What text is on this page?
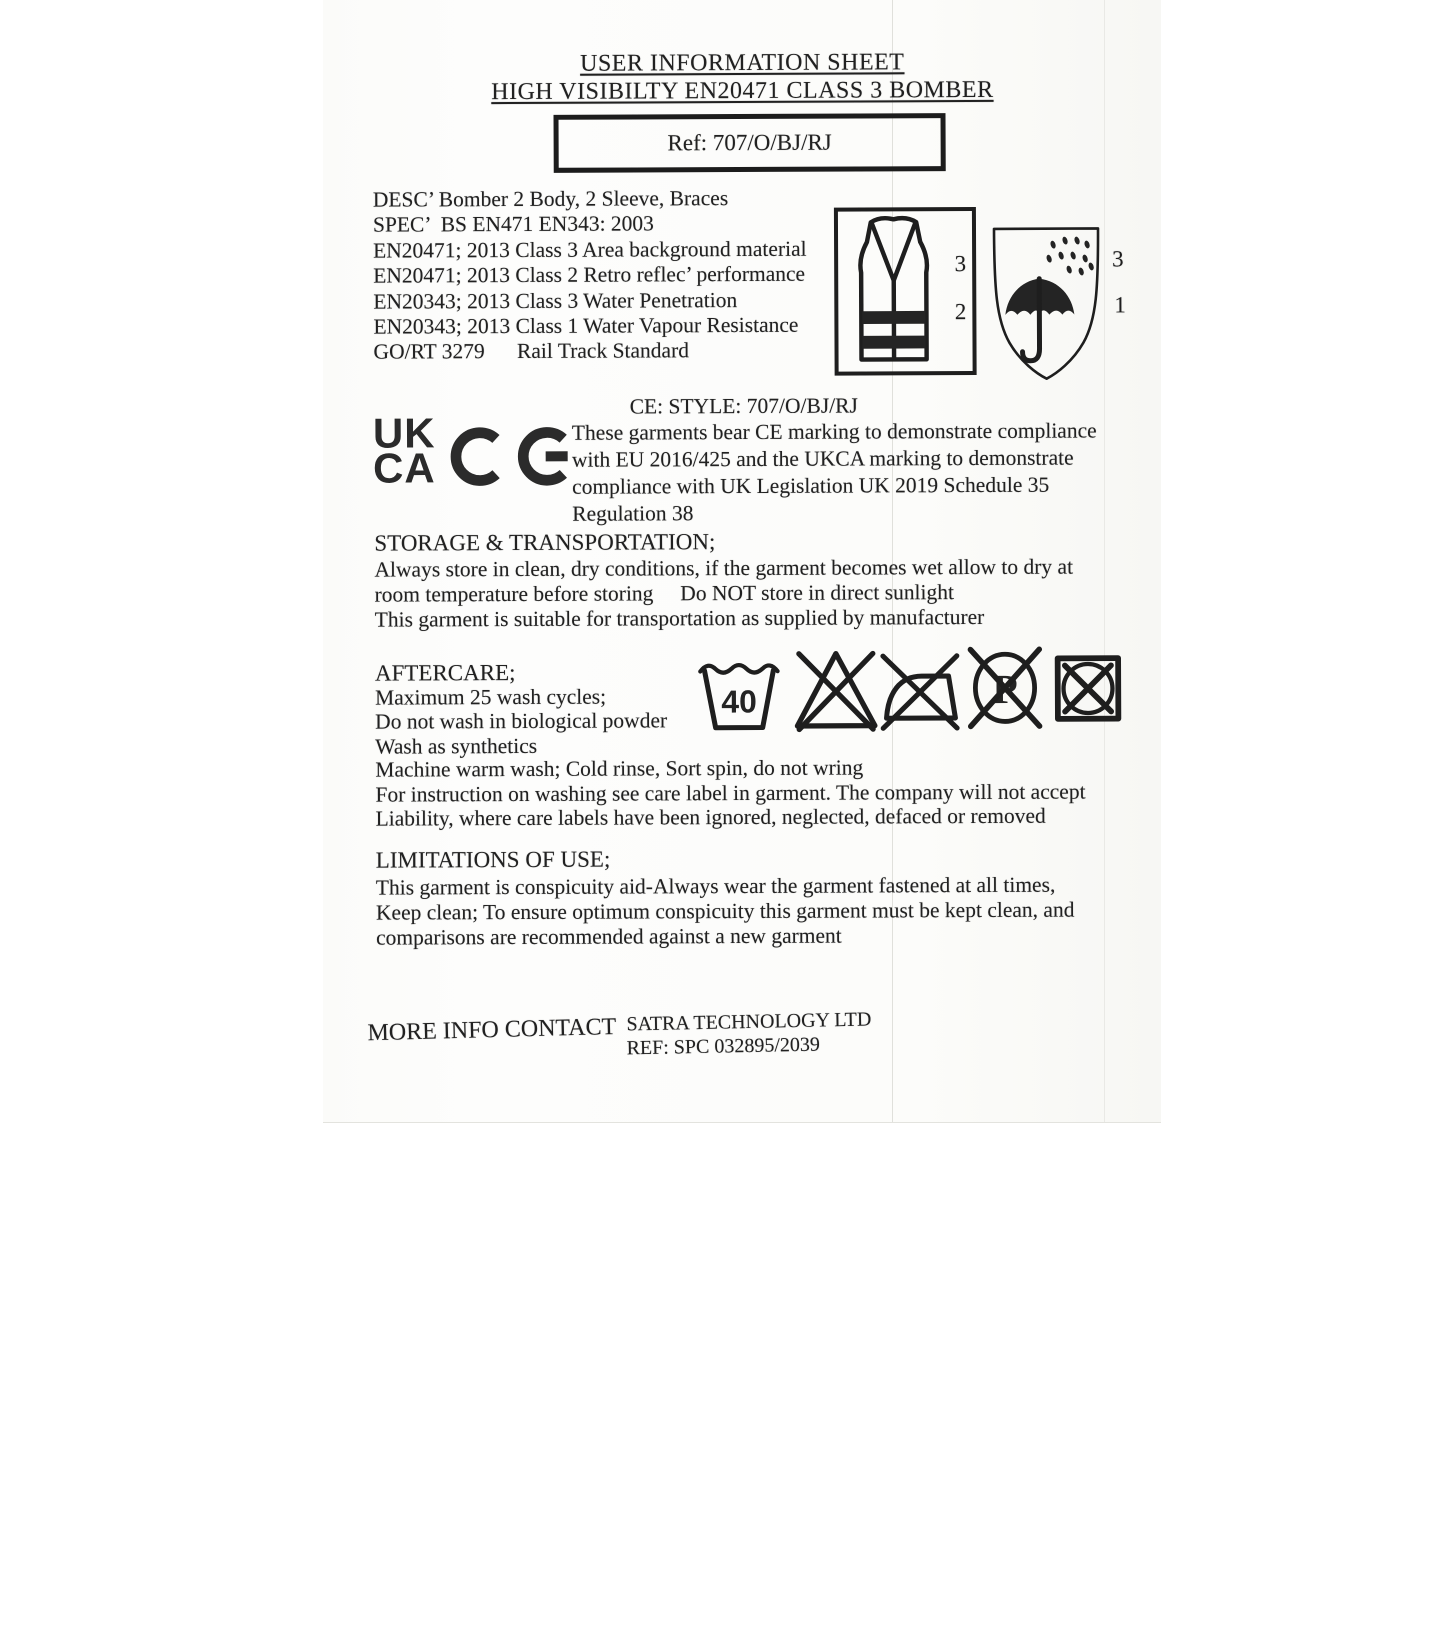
USER INFORMATION SHEET
HIGH VISIBILTY EN20471 CLASS 3 BOMBER
Ref: 707/O/BJ/RJ
DESC’ Bomber 2 Body, 2 Sleeve, Braces
SPEC’  BS EN471 EN343: 2003
EN20471; 2013 Class 3 Area background material
EN20471; 2013 Class 2 Retro reflec’ performance
EN20343; 2013 Class 3 Water Penetration
EN20343; 2013 Class 1 Water Vapour Resistance
GO/RT 3279      Rail Track Standard
3
2
3
1
CE: STYLE: 707/O/BJ/RJ
UK
CA
These garments bear CE marking to demonstrate compliance
with EU 2016/425 and the UKCA marking to demonstrate
compliance with UK Legislation UK 2019 Schedule 35
Regulation 38
STORAGE & TRANSPORTATION;
Always store in clean, dry conditions, if the garment becomes wet allow to dry at
room temperature before storing     Do NOT store in direct sunlight
This garment is suitable for transportation as supplied by manufacturer
AFTERCARE;
Maximum 25 wash cycles;
Do not wash in biological powder
Wash as synthetics
40	P
Machine warm wash; Cold rinse, Sort spin, do not wring
For instruction on washing see care label in garment. The company will not accept
Liability, where care labels have been ignored, neglected, defaced or removed
LIMITATIONS OF USE;
This garment is conspicuity aid-Always wear the garment fastened at all times,
Keep clean; To ensure optimum conspicuity this garment must be kept clean, and
comparisons are recommended against a new garment
MORE INFO CONTACT SATRA TECHNOLOGY LTD
REF: SPC 032895/2039
